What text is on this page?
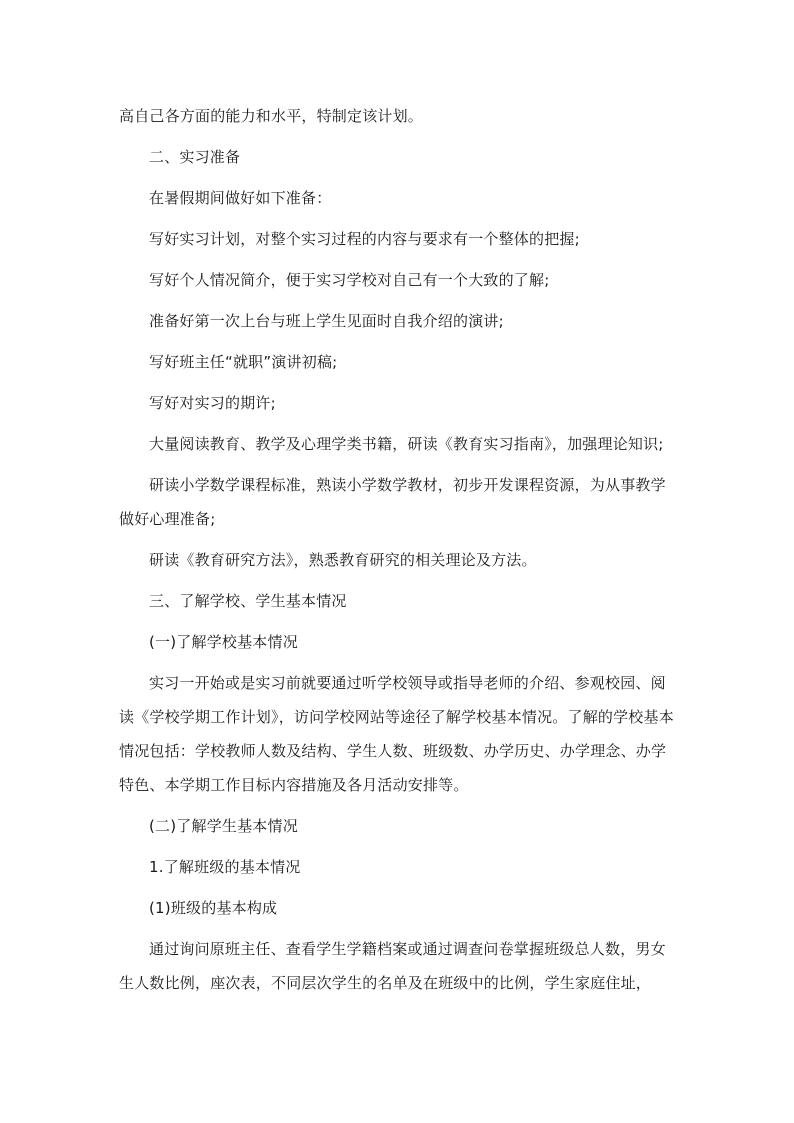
高自己各方面的能力和水平，特制定该计划。

二、实习准备

在暑假期间做好如下准备：

写好实习计划，对整个实习过程的内容与要求有一个整体的把握;

写好个人情况简介，便于实习学校对自己有一个大致的了解;

准备好第一次上台与班上学生见面时自我介绍的演讲;

写好班主任“就职”演讲初稿;

写好对实习的期许;

大量阅读教育、教学及心理学类书籍，研读《教育实习指南》，加强理论知识;

研读小学数学课程标准，熟读小学数学教材，初步开发课程资源，为从事教学做好心理准备;

研读《教育研究方法》，熟悉教育研究的相关理论及方法。

三、了解学校、学生基本情况

(一)了解学校基本情况

实习一开始或是实习前就要通过听学校领导或指导老师的介绍、参观校园、阅读《学校学期工作计划》，访问学校网站等途径了解学校基本情况。了解的学校基本情况包括：学校教师人数及结构、学生人数、班级数、办学历史、办学理念、办学特色、本学期工作目标内容措施及各月活动安排等。

(二)了解学生基本情况

1.了解班级的基本情况

(1)班级的基本构成

通过询问原班主任、查看学生学籍档案或通过调查问卷掌握班级总人数，男女生人数比例，座次表，不同层次学生的名单及在班级中的比例，学生家庭住址，
